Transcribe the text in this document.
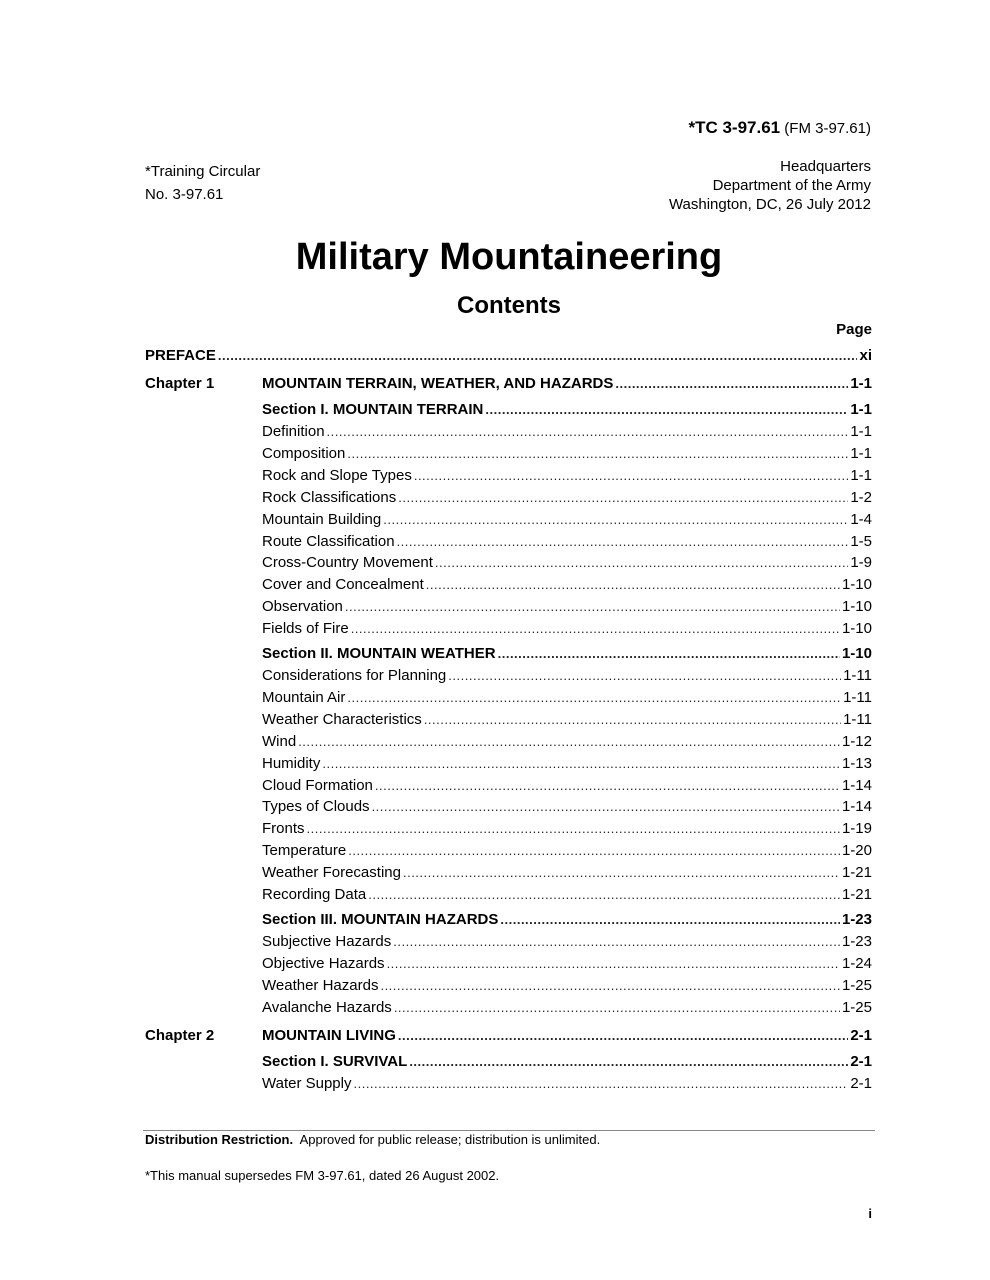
*TC 3-97.61 (FM 3-97.61)
*Training Circular
No. 3-97.61
Headquarters
Department of the Army
Washington, DC, 26 July 2012
Military Mountaineering
Contents
Page
PREFACE .....	xi
Chapter 1	MOUNTAIN TERRAIN, WEATHER, AND HAZARDS .....	1-1
Section I. MOUNTAIN TERRAIN .....	1-1
Definition .....	1-1
Composition .....	1-1
Rock and Slope Types .....	1-1
Rock Classifications .....	1-2
Mountain Building .....	1-4
Route Classification .....	1-5
Cross-Country Movement .....	1-9
Cover and Concealment .....	1-10
Observation .....	1-10
Fields of Fire .....	1-10
Section II. MOUNTAIN WEATHER .....	1-10
Considerations for Planning .....	1-11
Mountain Air .....	1-11
Weather Characteristics .....	1-11
Wind .....	1-12
Humidity .....	1-13
Cloud Formation .....	1-14
Types of Clouds .....	1-14
Fronts .....	1-19
Temperature .....	1-20
Weather Forecasting .....	1-21
Recording Data .....	1-21
Section III. MOUNTAIN HAZARDS .....	1-23
Subjective Hazards .....	1-23
Objective Hazards .....	1-24
Weather Hazards .....	1-25
Avalanche Hazards .....	1-25
Chapter 2	MOUNTAIN LIVING .....	2-1
Section I. SURVIVAL .....	2-1
Water Supply .....	2-1
Distribution Restriction. Approved for public release; distribution is unlimited.
*This manual supersedes FM 3-97.61, dated 26 August 2002.
i
